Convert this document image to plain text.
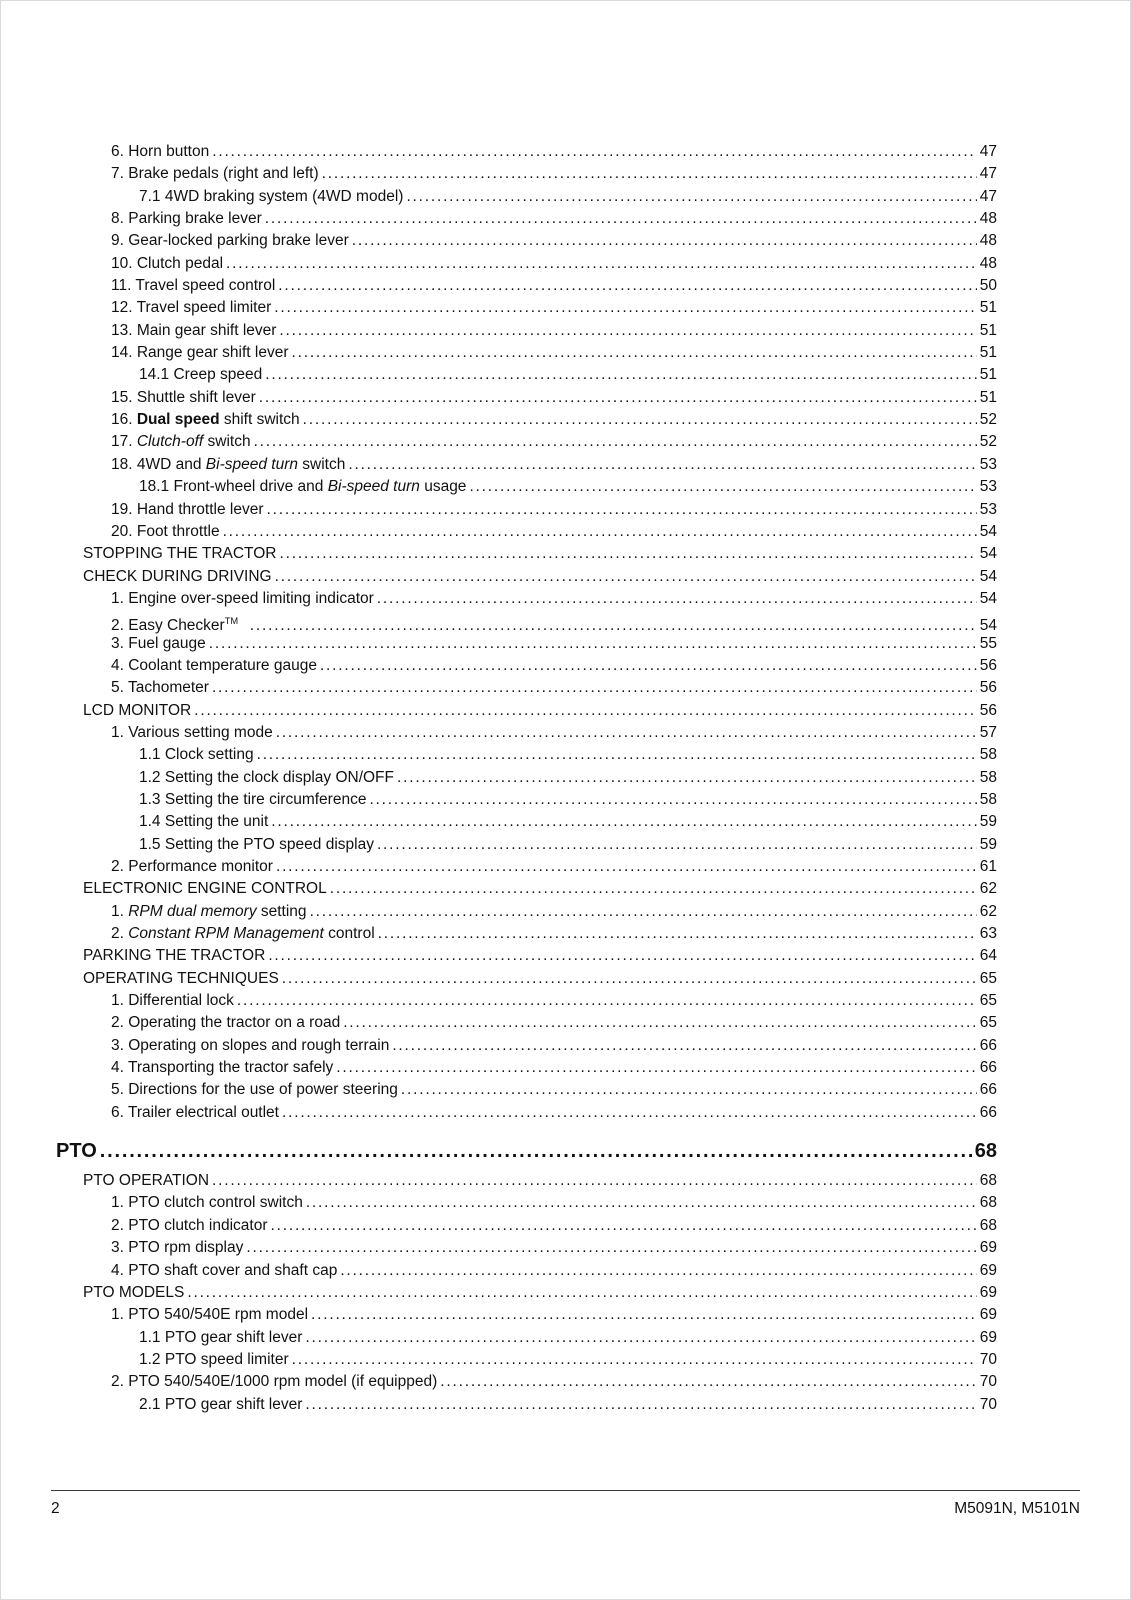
6. Horn button .....	47
7. Brake pedals (right and left) .....	47
7.1 4WD braking system (4WD model) .....	47
8. Parking brake lever .....	48
9. Gear-locked parking brake lever .....	48
10. Clutch pedal .....	48
11. Travel speed control .....	50
12. Travel speed limiter .....	51
13. Main gear shift lever .....	51
14. Range gear shift lever .....	51
14.1 Creep speed .....	51
15. Shuttle shift lever .....	51
16. Dual speed shift switch .....	52
17. Clutch-off switch .....	52
18. 4WD and Bi-speed turn switch .....	53
18.1 Front-wheel drive and Bi-speed turn usage .....	53
19. Hand throttle lever .....	53
20. Foot throttle .....	54
STOPPING THE TRACTOR .....	54
CHECK DURING DRIVING .....	54
1. Engine over-speed limiting indicator .....	54
2. Easy Checker™ .....	54
3. Fuel gauge .....	55
4. Coolant temperature gauge .....	56
5. Tachometer .....	56
LCD MONITOR .....	56
1. Various setting mode .....	57
1.1 Clock setting .....	58
1.2 Setting the clock display ON/OFF .....	58
1.3 Setting the tire circumference .....	58
1.4 Setting the unit .....	59
1.5 Setting the PTO speed display .....	59
2. Performance monitor .....	61
ELECTRONIC ENGINE CONTROL .....	62
1. RPM dual memory setting .....	62
2. Constant RPM Management control .....	63
PARKING THE TRACTOR .....	64
OPERATING TECHNIQUES .....	65
1. Differential lock .....	65
2. Operating the tractor on a road .....	65
3. Operating on slopes and rough terrain .....	66
4. Transporting the tractor safely .....	66
5. Directions for the use of power steering .....	66
6. Trailer electrical outlet .....	66
PTO .....	68
PTO OPERATION .....	68
1. PTO clutch control switch .....	68
2. PTO clutch indicator .....	68
3. PTO rpm display .....	69
4. PTO shaft cover and shaft cap .....	69
PTO MODELS .....	69
1. PTO 540/540E rpm model .....	69
1.1 PTO gear shift lever .....	69
1.2 PTO speed limiter .....	70
2. PTO 540/540E/1000 rpm model (if equipped) .....	70
2.1 PTO gear shift lever .....	70
2	M5091N, M5101N
